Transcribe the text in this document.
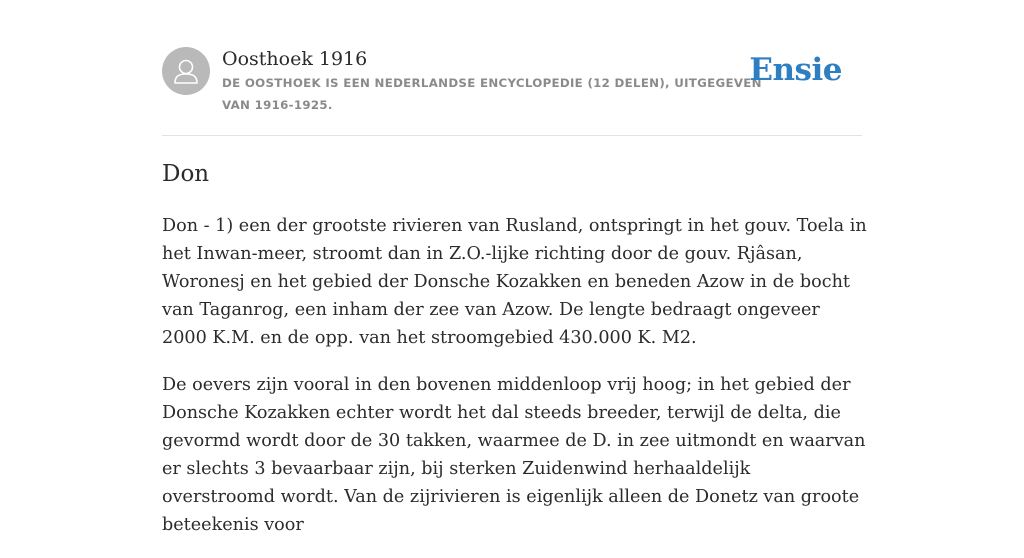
Oosthoek 1916
DE OOSTHOEK IS EEN NEDERLANDSE ENCYCLOPEDIE (12 DELEN), UITGEGEVEN VAN 1916-1925.
Ensie
Don

Don - 1) een der grootste rivieren van Rusland, ontspringt in het gouv. Toela in het Inwan-meer, stroomt dan in Z.O.-lijke richting door de gouv. Rjâsan, Woronesj en het gebied der Donsche Kozakken en beneden Azow in de bocht van Taganrog, een inham der zee van Azow. De lengte bedraagt ongeveer 2000 K.M. en de opp. van het stroomgebied 430.000 K. M2.

De oevers zijn vooral in den bovenen middenloop vrij hoog; in het gebied der Donsche Kozakken echter wordt het dal steeds breeder, terwijl de delta, die gevormd wordt door de 30 takken, waarmee de D. in zee uitmondt en waarvan er slechts 3 bevaarbaar zijn, bij sterken Zuidenwind herhaaldelijk overstroomd wordt. Van de zijrivieren is eigenlijk alleen de Donetz van groote beteekenis voor
